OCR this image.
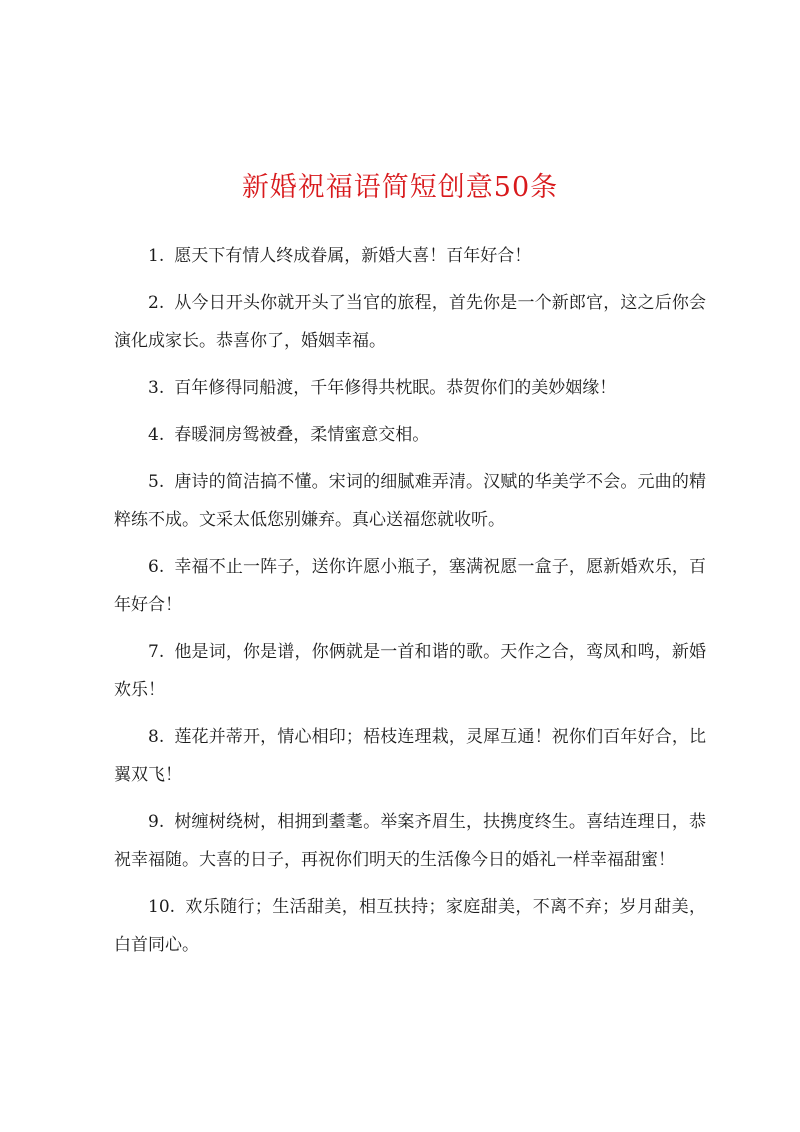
新婚祝福语简短创意50条

1. 愿天下有情人终成眷属，新婚大喜！百年好合！

2. 从今日开头你就开头了当官的旅程，首先你是一个新郎官，这之后你会演化成家长。恭喜你了，婚姻幸福。

3. 百年修得同船渡，千年修得共枕眠。恭贺你们的美妙姻缘！

4. 春暖洞房鸳被叠，柔情蜜意交相。

5. 唐诗的简洁搞不懂。宋词的细腻难弄清。汉赋的华美学不会。元曲的精粹练不成。文采太低您别嫌弃。真心送福您就收听。

6. 幸福不止一阵子，送你许愿小瓶子，塞满祝愿一盒子，愿新婚欢乐，百年好合！

7. 他是词，你是谱，你俩就是一首和谐的歌。天作之合，鸾凤和鸣，新婚欢乐！

8. 莲花并蒂开，情心相印；梧枝连理栽，灵犀互通！祝你们百年好合，比翼双飞！

9. 树缠树绕树，相拥到耋耄。举案齐眉生，扶携度终生。喜结连理日，恭祝幸福随。大喜的日子，再祝你们明天的生活像今日的婚礼一样幸福甜蜜！

10. 欢乐随行；生活甜美，相互扶持；家庭甜美，不离不弃；岁月甜美，白首同心。
